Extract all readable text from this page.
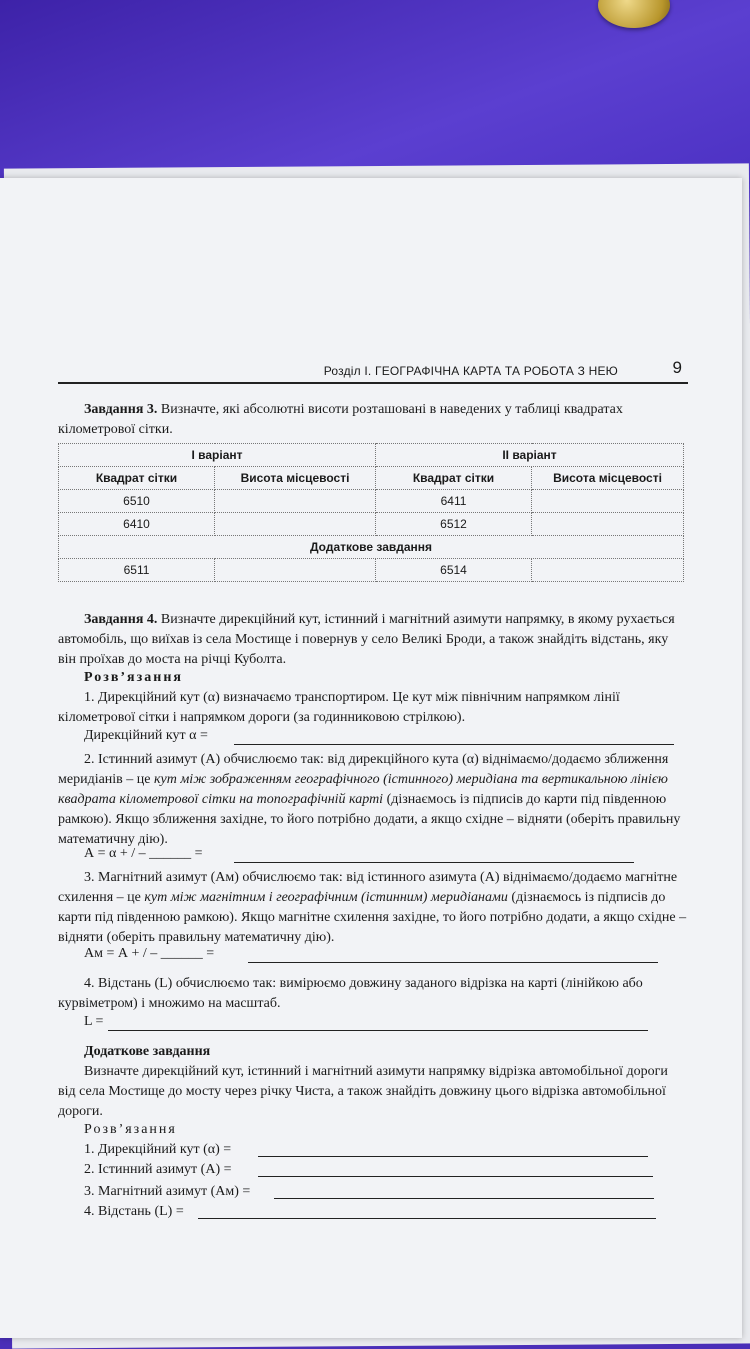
Розділ І. ГЕОГРАФІЧНА КАРТА ТА РОБОТА З НЕЮ	9
Завдання 3. Визначте, які абсолютні висоти розташовані в наведених у таблиці квадратах кілометрової сітки.
І варіант		ІІ варіант	
Квадрат сітки	Висота місцевості	Квадрат сітки	Висота місцевості
6510		6411	
6410		6512	
Додаткове завдання			
6511		6514	
Завдання 4. Визначте дирекційний кут, істинний і магнітний азимути напрямку, в якому рухається автомобіль, що виїхав із села Мостище і повернув у село Великі Броди, а також знайдіть відстань, яку він проїхав до моста на річці Куболта.
Розв’язання
1. Дирекційний кут (α) визначаємо транспортиром. Це кут між північним напрямком лінії кілометрової сітки і напрямком дороги (за годинниковою стрілкою).
Дирекційний кут α =
2. Істинний азимут (А) обчислюємо так: від дирекційного кута (α) віднімаємо/додаємо зближення меридіанів – це кут між зображенням географічного (істинного) меридіана та вертикальною лінією квадрата кілометрової сітки на топографічній карті (дізнаємось із підписів до карти під південною рамкою). Якщо зближення західне, то його потрібно додати, а якщо східне – відняти (оберіть правильну математичну дію).
А = α + / – ______ =
3. Магнітний азимут (Ам) обчислюємо так: від істинного азимута (А) віднімаємо/додаємо магнітне схилення – це кут між магнітним і географічним (істинним) меридіанами (дізнаємось із підписів до карти під південною рамкою). Якщо магнітне схилення західне, то його потрібно додати, а якщо східне – відняти (оберіть правильну математичну дію).
Ам = А + / – ______ =
4. Відстань (L) обчислюємо так: вимірюємо довжину заданого відрізка на карті (лінійкою або курвіметром) і множимо на масштаб.
L =
Додаткове завдання
Визначте дирекційний кут, істинний і магнітний азимути напрямку відрізка автомобільної дороги від села Мостище до мосту через річку Чиста, а також знайдіть довжину цього відрізка автомобільної дороги.
Розв’язання
1. Дирекційний кут (α) =
2. Істинний азимут (А) =
3. Магнітний азимут (Ам) =
4. Відстань (L) =
